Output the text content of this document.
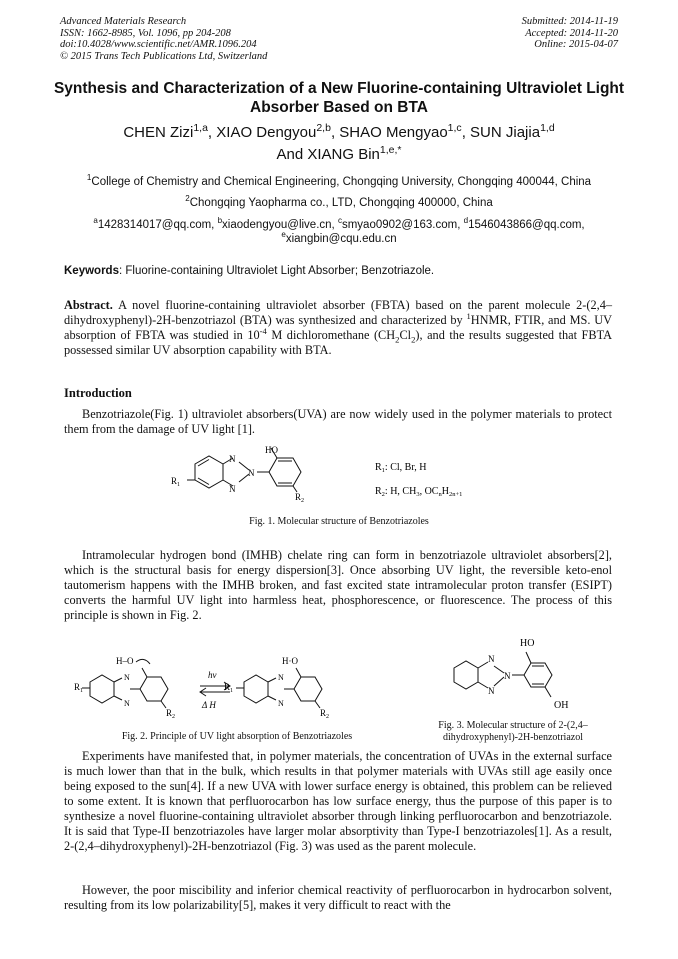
Advanced Materials Research
ISSN: 1662-8985, Vol. 1096, pp 204-208
doi:10.4028/www.scientific.net/AMR.1096.204
© 2015 Trans Tech Publications Ltd, Switzerland
Submitted: 2014-11-19
Accepted: 2014-11-20
Online: 2015-04-07
Synthesis and Characterization of a New Fluorine-containing Ultraviolet Light Absorber Based on BTA
CHEN Zizi$^{1,a}$, XIAO Dengyou$^{2,b}$, SHAO Mengyao$^{1,c}$, SUN Jiajia$^{1,d}$
And XIANG Bin$^{1,e,*}$
$^1$College of Chemistry and Chemical Engineering, Chongqing University, Chongqing 400044, China
$^2$Chongqing Yaopharma co., LTD, Chongqing 400000, China
$^a$1428314017@qq.com, $^b$xiaodengyou@live.cn, $^c$smyao0902@163.com, $^d$1546043866@qq.com,
$^e$xiangbin@cqu.edu.cn
Keywords: Fluorine-containing Ultraviolet Light Absorber; Benzotriazole.

Abstract. A novel fluorine-containing ultraviolet absorber (FBTA) based on the parent molecule 2-(2,4–dihydroxyphenyl)-2H-benzotriazol (BTA) was synthesized and characterized by $^1$HNMR, FTIR, and MS. UV absorption of FBTA was studied in $10^{-4}$ M dichloromethane $(CH_2Cl_2)$, and the results suggested that FBTA possessed similar UV absorption capability with BTA.

Introduction

Benzotriazole(Fig. 1) ultraviolet absorbers(UVA) are now widely used in the polymer materials to protect them from the damage of UV light [1].

HO
N
N
N
$R_1$
$R_2$
$R_1$: Cl, Br, H
$R_2$: H, $CH_3$, $OC_nH_{2n+1}$
Fig. 1. Molecular structure of Benzotriazoles

Intramolecular hydrogen bond (IMHB) chelate ring can form in benzotriazole ultraviolet absorbers[2], which is the structural basis for energy dispersion[3]. Once absorbing UV light, the reversible keto-enol tautomerism happens with the IMHB broken, and fast excited state intramolecular proton transfer (ESIPT) converts the harmful UV light into harmless heat, phosphorescence, or fluorescence. The process of this principle is shown in Fig. 2.

H–O
N
N
$R_1$
$R_2$
hν
Δ H
H·O
N
N
$R_1$
$R_2$
Fig. 2. Principle of UV light absorption of Benzotriazoles
HO
N
N
N
OH
Fig. 3. Molecular structure of 2-(2,4–dihydroxyphenyl)-2H-benzotriazol

Experiments have manifested that, in polymer materials, the concentration of UVAs in the external surface is much lower than that in the bulk, which results in that polymer materials with UVAs still age easily once being exposed to the sun[4]. If a new UVA with lower surface energy is obtained, this problem can be relieved to some extent. It is known that perfluorocarbon has low surface energy, thus the purpose of this paper is to synthesize a novel fluorine-containing ultraviolet absorber through linking perfluorocarbon and benzotriazole. It is said that Type-II benzotriazoles have larger molar absorptivity than Type-I benzotriazoles[1]. As a result, 2-(2,4–dihydroxyphenyl)-2H-benzotriazol (Fig. 3) was used as the parent molecule.

However, the poor miscibility and inferior chemical reactivity of perfluorocarbon in hydrocarbon solvent, resulting from its low polarizability[5], makes it very difficult to react with the
